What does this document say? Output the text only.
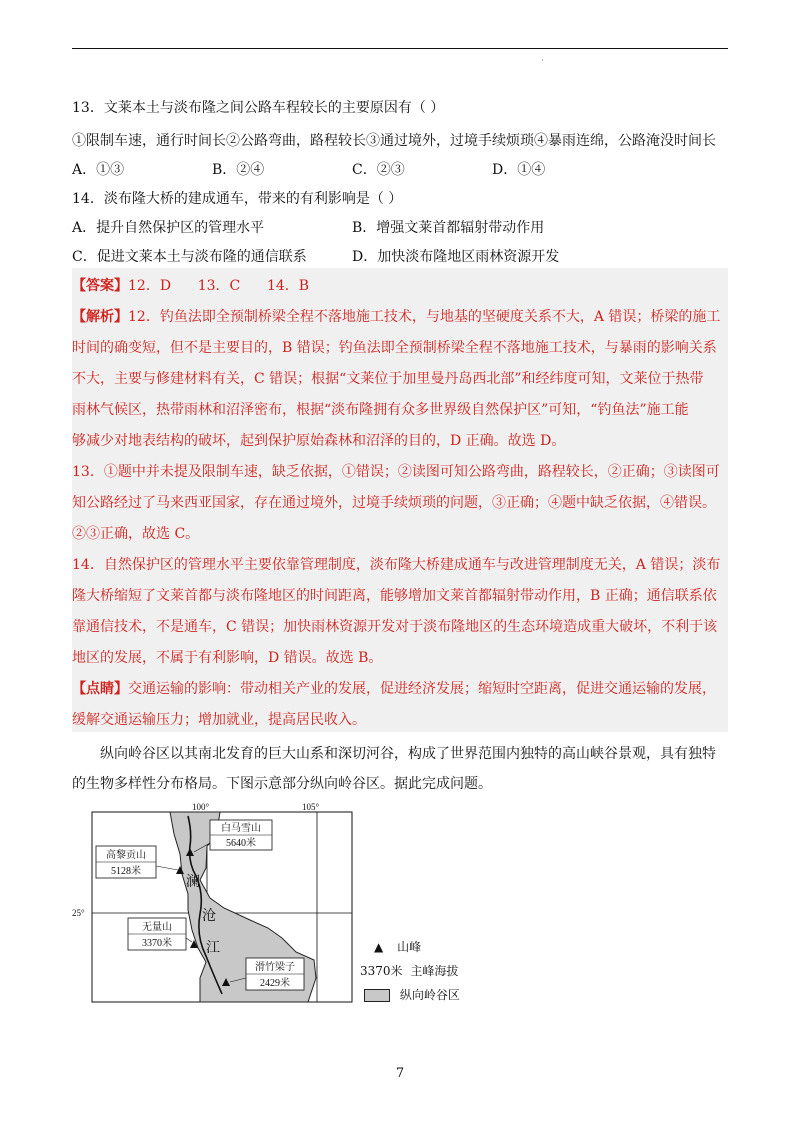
·
13．文莱本土与淡布隆之间公路车程较长的主要原因有（ ）
①限制车速，通行时间长②公路弯曲，路程较长③通过境外，过境手续烦琐④暴雨连绵，公路淹没时间长
A．①③	B．②④	C．②③	D．①④
14．淡布隆大桥的建成通车，带来的有利影响是（ ）
A．提升自然保护区的管理水平	B．增强文莱首都辐射带动作用
C．促进文莱本土与淡布隆的通信联系	D．加快淡布隆地区雨林资源开发
【答案】12．D      13．C      14．B
【解析】12．钓鱼法即全预制桥梁全程不落地施工技术，与地基的坚硬度关系不大，A 错误；桥梁的施工
时间的确变短，但不是主要目的，B 错误；钓鱼法即全预制桥梁全程不落地施工技术，与暴雨的影响关系
不大，主要与修建材料有关，C 错误；根据“文莱位于加里曼丹岛西北部”和经纬度可知，文莱位于热带
雨林气候区，热带雨林和沼泽密布，根据“淡布隆拥有众多世界级自然保护区”可知，“钓鱼法”施工能
够减少对地表结构的破坏，起到保护原始森林和沼泽的目的，D 正确。故选 D。
13．①题中并未提及限制车速，缺乏依据，①错误；②读图可知公路弯曲，路程较长，②正确；③读图可
知公路经过了马来西亚国家，存在通过境外，过境手续烦琐的问题，③正确；④题中缺乏依据，④错误。
②③正确，故选 C。
14．自然保护区的管理水平主要依靠管理制度，淡布隆大桥建成通车与改进管理制度无关，A 错误；淡布
隆大桥缩短了文莱首都与淡布隆地区的时间距离，能够增加文莱首都辐射带动作用，B 正确；通信联系依
靠通信技术，不是通车，C 错误；加快雨林资源开发对于淡布隆地区的生态环境造成重大破坏，不利于该
地区的发展，不属于有利影响，D 错误。故选 B。
【点睛】交通运输的影响：带动相关产业的发展，促进经济发展；缩短时空距离，促进交通运输的发展，
缓解交通运输压力；增加就业，提高居民收入。
纵向岭谷区以其南北发育的巨大山系和深切河谷，构成了世界范围内独特的高山峡谷景观，具有独特
的生物多样性分布格局。下图示意部分纵向岭谷区。据此完成问题。
白马雪山
5640米
高黎贡山
5128米
无量山
3370米
滑竹梁子
2429米
100°	105°
25°
澜
沧
江	▲ 山峰
3370米 主峰海拔
纵向岭谷区
7
